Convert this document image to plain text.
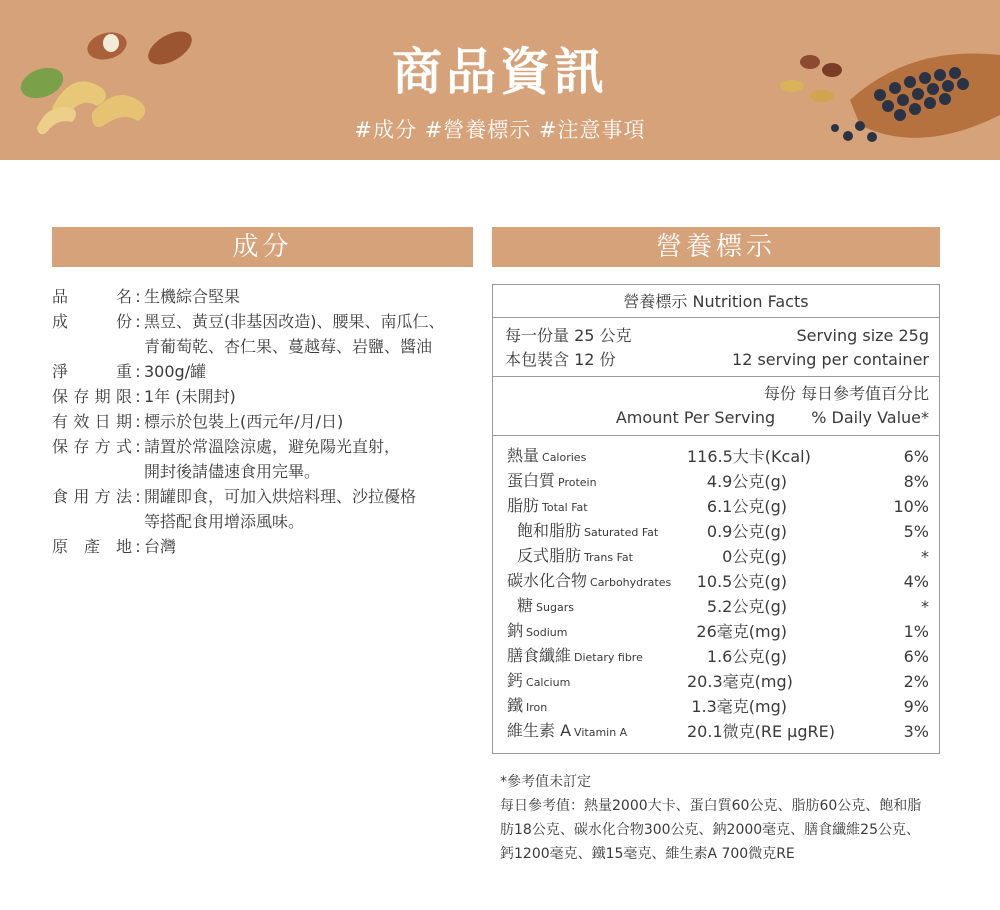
商品資訊
#成分 #營養標示 #注意事項
成分	營養標示
品名 : 生機綜合堅果
成份 : 黑豆、黃豆(非基因改造)、腰果、南瓜仁、
青葡萄乾、杏仁果、蔓越莓、岩鹽、醬油
淨重 : 300g/罐
保存期限 : 1年 (未開封)
有效日期 : 標示於包裝上(西元年/月/日)
保存方式 : 請置於常溫陰涼處，避免陽光直射，
開封後請儘速食用完畢。
食用方法 : 開罐即食，可加入烘焙料理、沙拉優格
等搭配食用增添風味。
原產地 : 台灣
營養標示 Nutrition Facts
每一份量 25 公克	Serving size 25g
本包裝含 12 份	12 serving per container
每份 每日參考值百分比
Amount Per Serving % Daily Value*
熱量 Calories	116.5大卡(Kcal)	6%
蛋白質 Protein	4.9公克(g)	8%
脂肪 Total Fat	6.1公克(g)	10%
飽和脂肪 Saturated Fat	0.9公克(g)	5%
反式脂肪 Trans Fat	0公克(g)	*
碳水化合物 Carbohydrates	10.5公克(g)	4%
糖 Sugars	5.2公克(g)	*
鈉 Sodium	26毫克(mg)	1%
膳食纖維 Dietary fibre	1.6公克(g)	6%
鈣 Calcium	20.3毫克(mg)	2%
鐵 Iron	1.3毫克(mg)	9%
維生素 A Vitamin A	20.1微克(RE μgRE)	3%
*參考值未訂定
每日參考值：熱量2000大卡、蛋白質60公克、脂肪60公克、飽和脂
肪18公克、碳水化合物300公克、鈉2000毫克、膳食纖維25公克、
鈣1200毫克、鐵15毫克、維生素A 700微克RE
